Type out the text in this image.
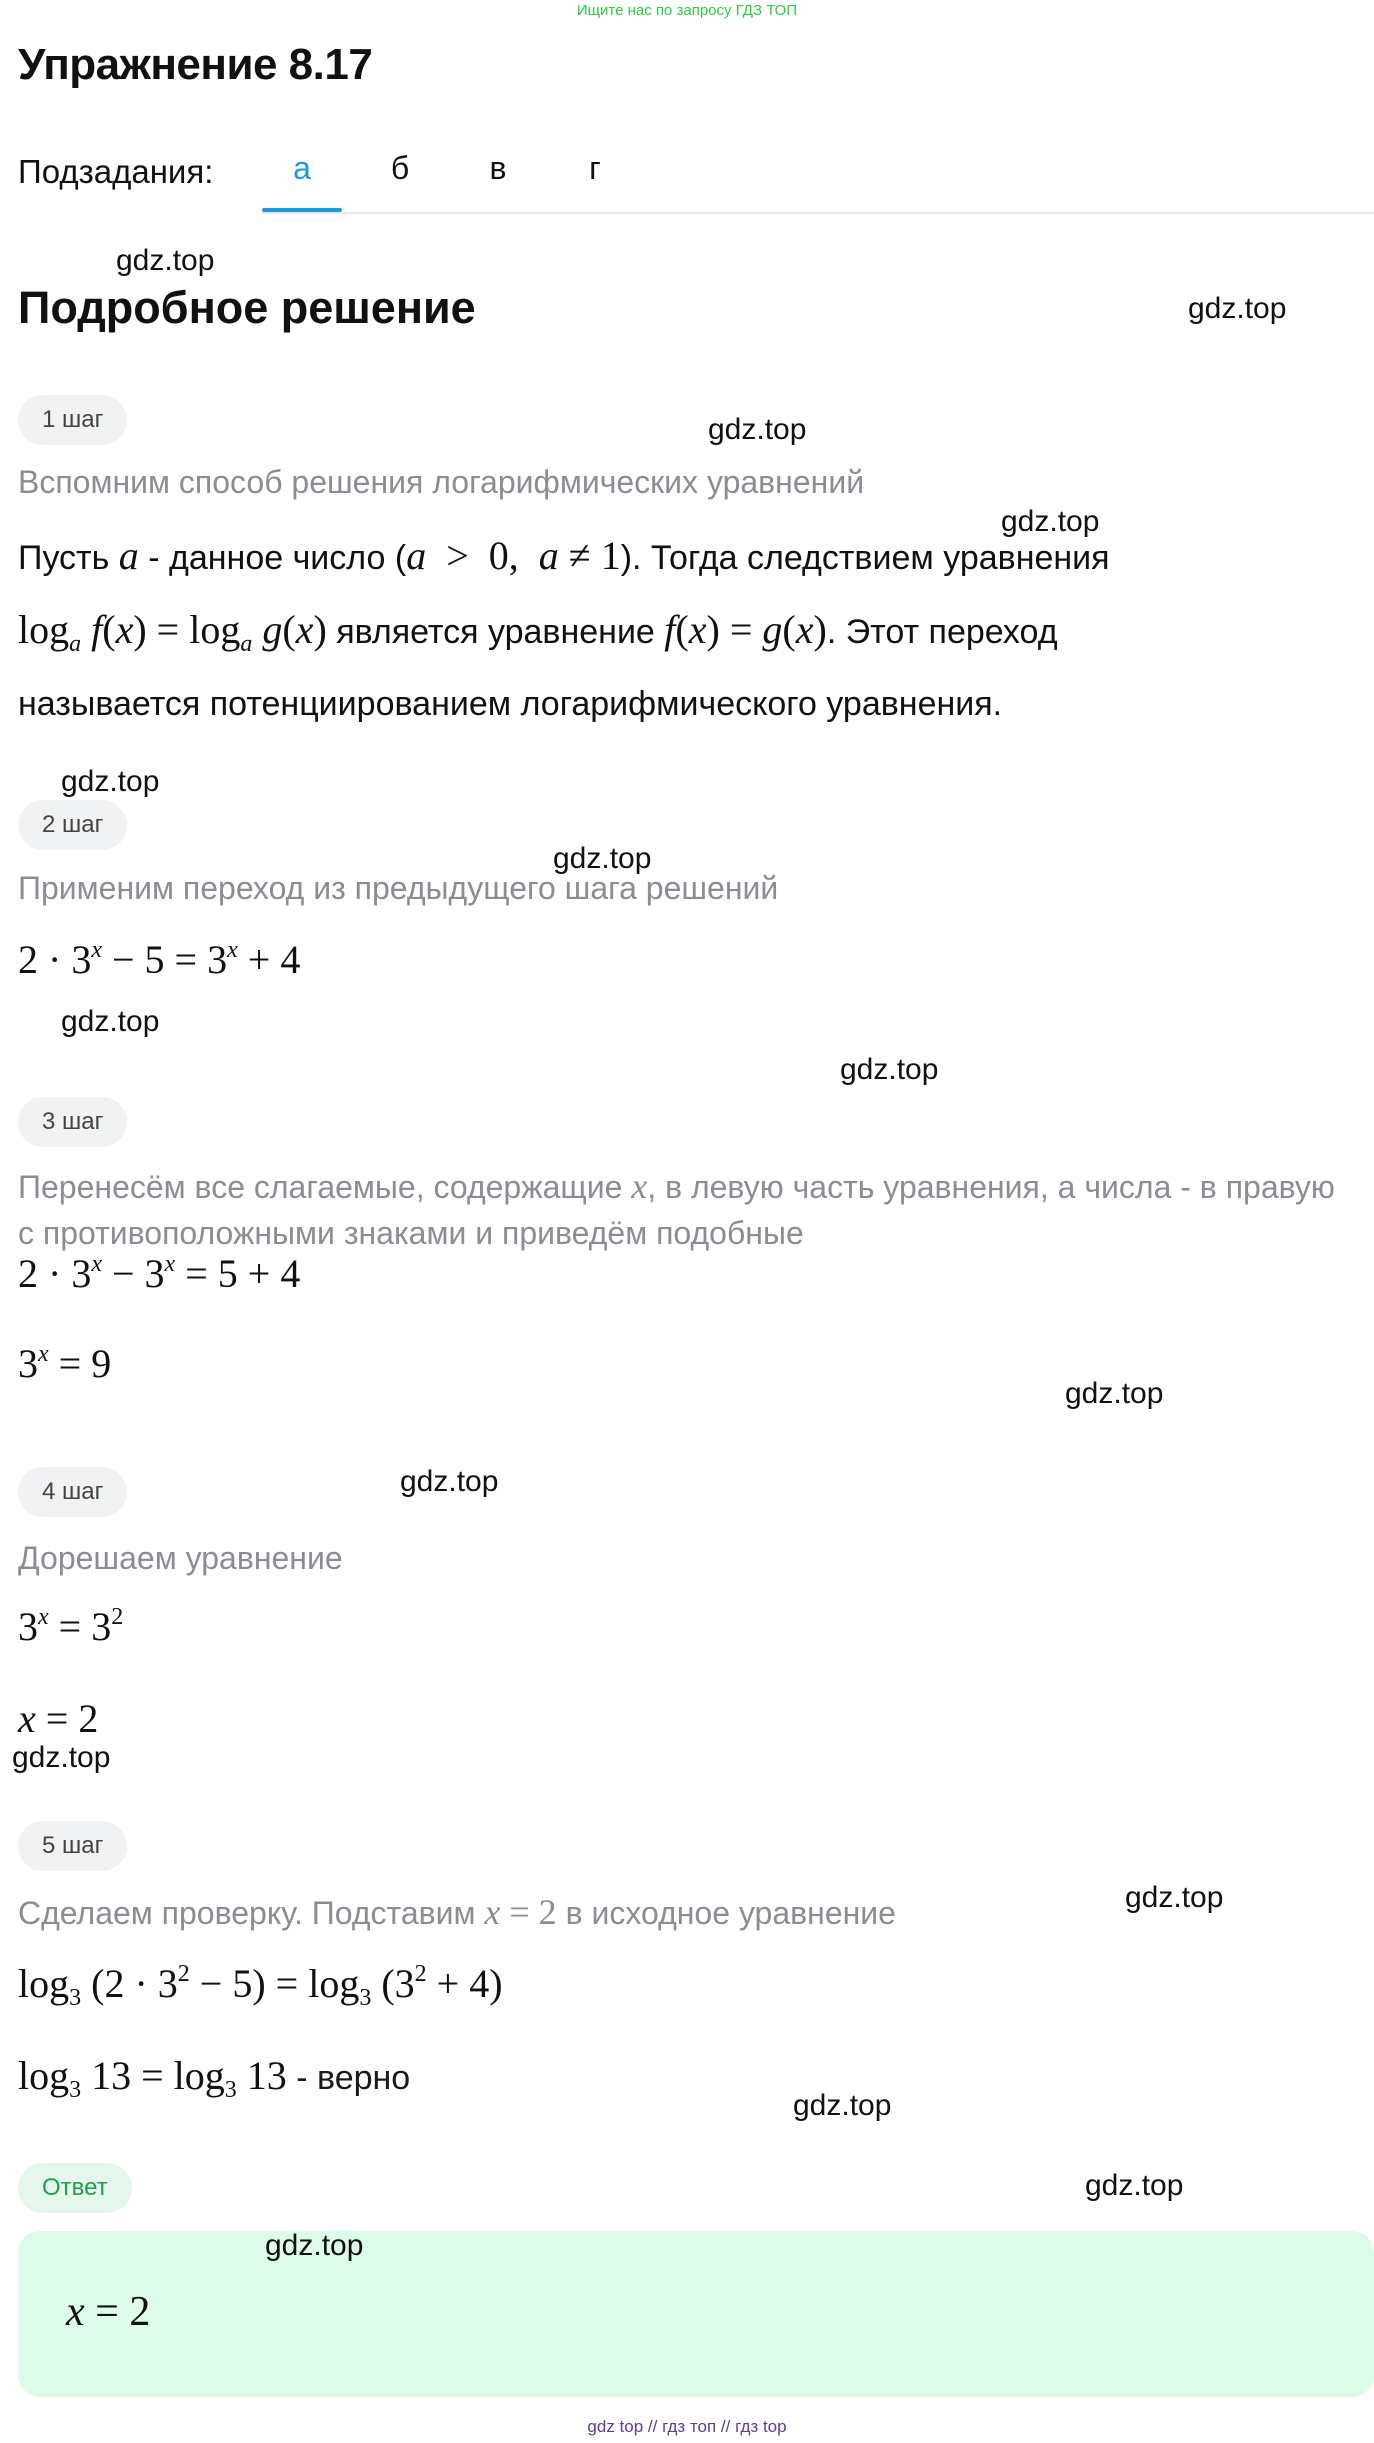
Ищите нас по запросу ГДЗ ТОП
Упражнение 8.17
Подзадания:	а	б	в	г
Подробное решение
1 шаг
Вспомним способ решения логарифмических уравнений
Пусть a - данное число (a  >  0,  a ≠ 1). Тогда следствием уравнения
$\log_a f(x) = \log_a g(x)$ является уравнение f(x) = g(x). Этот переход
называется потенциированием логарифмического уравнения.
2 шаг
Применим переход из предыдущего шага решений
$2 \cdot 3^x - 5 = 3^x + 4$
3 шаг
Перенесём все слагаемые, содержащие x, в левую часть уравнения, а числа - в правую
с противоположными знаками и приведём подобные
$2 \cdot 3^x - 3^x = 5 + 4$
$3^x = 9$
4 шаг
Дорешаем уравнение
$3^x = 3^2$
x = 2
5 шаг
Сделаем проверку. Подставим x = 2 в исходное уравнение
$\log_3 (2 \cdot 3^2 - 5) = \log_3 (3^2 + 4)$
$\log_3 13 = \log_3 13$ - верно
Ответ
x = 2
gdz.top
gdz.top
gdz.top
gdz.top
gdz.top
gdz.top
gdz.top
gdz.top
gdz.top
gdz.top
gdz.top
gdz.top
gdz.top
gdz.top
gdz.top
gdz top // гдз топ // гдз top
